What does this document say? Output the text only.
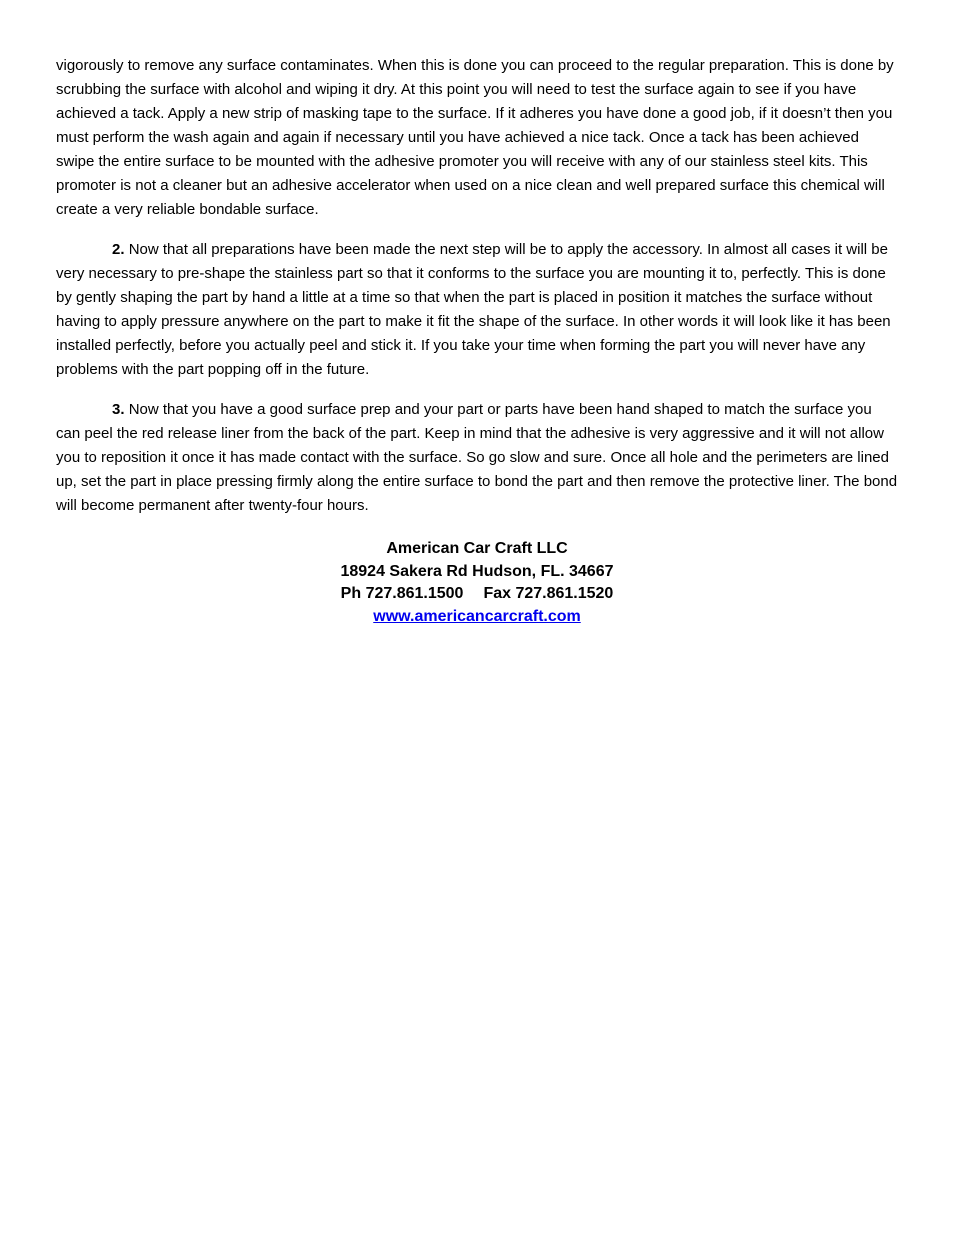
vigorously to remove any surface contaminates. When this is done you can proceed to the regular preparation. This is done by scrubbing the surface with alcohol and wiping it dry. At this point you will need to test the surface again to see if you have achieved a tack. Apply a new strip of masking tape to the surface. If it adheres you have done a good job, if it doesn’t then you must perform the wash again and again if necessary until you have achieved a nice tack. Once a tack has been achieved swipe the entire surface to be mounted with the adhesive promoter you will receive with any of our stainless steel kits. This promoter is not a cleaner but an adhesive accelerator when used on a nice clean and well prepared surface this chemical will create a very reliable bondable surface.

2. Now that all preparations have been made the next step will be to apply the accessory. In almost all cases it will be very necessary to pre-shape the stainless part so that it conforms to the surface you are mounting it to, perfectly. This is done by gently shaping the part by hand a little at a time so that when the part is placed in position it matches the surface without having to apply pressure anywhere on the part to make it fit the shape of the surface. In other words it will look like it has been installed perfectly, before you actually peel and stick it. If you take your time when forming the part you will never have any problems with the part popping off in the future.

3. Now that you have a good surface prep and your part or parts have been hand shaped to match the surface you can peel the red release liner from the back of the part. Keep in mind that the adhesive is very aggressive and it will not allow you to reposition it once it has made contact with the surface. So go slow and sure. Once all hole and the perimeters are lined up, set the part in place pressing firmly along the entire surface to bond the part and then remove the protective liner. The bond will become permanent after twenty-four hours.

American Car Craft LLC
18924 Sakera Rd Hudson, FL. 34667
Ph 727.861.1500 Fax 727.861.1520
www.americancarcraft.com
